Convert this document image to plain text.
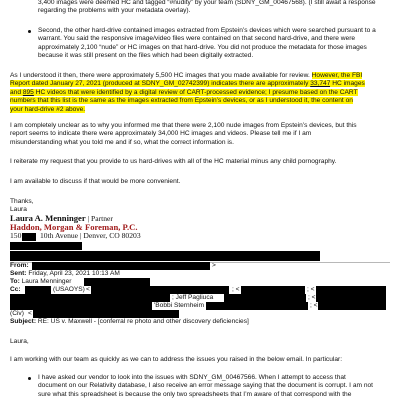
3,400 images were deemed HC and tagged “#nudity” by your team (SDNY_GM_00467568). (I still await a response
regarding the problems with your metadata overlay).
Second, the other hard-drive contained images extracted from Epstein’s devices which were searched pursuant to a
warrant. You said the responsive image/video files were contained on that second hard-drive, and there were
approximately 2,100 “nude” or HC images on that hard-drive. You did not produce the metadata for those images
because it was still present on the files which had been digitally extracted.
As I understood it then, there were approximately 5,500 HC images that you made available for review. However, the FBI
Report dated January 27, 2021 (produced at SDNY_GM_02742399) indicates there are approximately 33,747 HC images
and 895 HC videos that were identified by a digital review of CART-processed evidence; I presume based on the CART
numbers that this list is the same as the images extracted from Epstein’s devices, or as I understood it, the content on
your hard-drive #2 above.
I am completely unclear as to why you informed me that there were 2,100 nude images from Epstein’s devices, but this
report seems to indicate there were approximately 34,000 HC images and videos. Please tell me if I am
misunderstanding what you told me and if so, what the correct information is.
I reiterate my request that you provide to us hard-drives with all of the HC material minus any child pornography.
I am available to discuss if that would be more convenient.
Thanks,
Laura
Laura A. Menninger | Partner
Haddon, Morgan & Foreman, P.C.
150 10th Avenue | Denver, CO 80203
From:	>
Sent: Friday, April 23, 2021 10:13 AM
To: Laura Menninger
Cc:	(USAOYS) <	; <	; <
; Jeff Pagliuca	; <
'Bobbi Sternheim	; <
(Civ) <
Subject: RE: US v. Maxwell - [conferral re photo and other discovery deficiencies]
Laura,
I am working with our team as quickly as we can to address the issues you raised in the below email. In particular:
I have asked our vendor to look into the issues with SDNY_GM_00467566. When I attempt to access that
document on our Relativity database, I also receive an error message saying that the document is corrupt. I am not
sure what this spreadsheet is because the only two spreadsheets that I’m aware of that correspond with the
